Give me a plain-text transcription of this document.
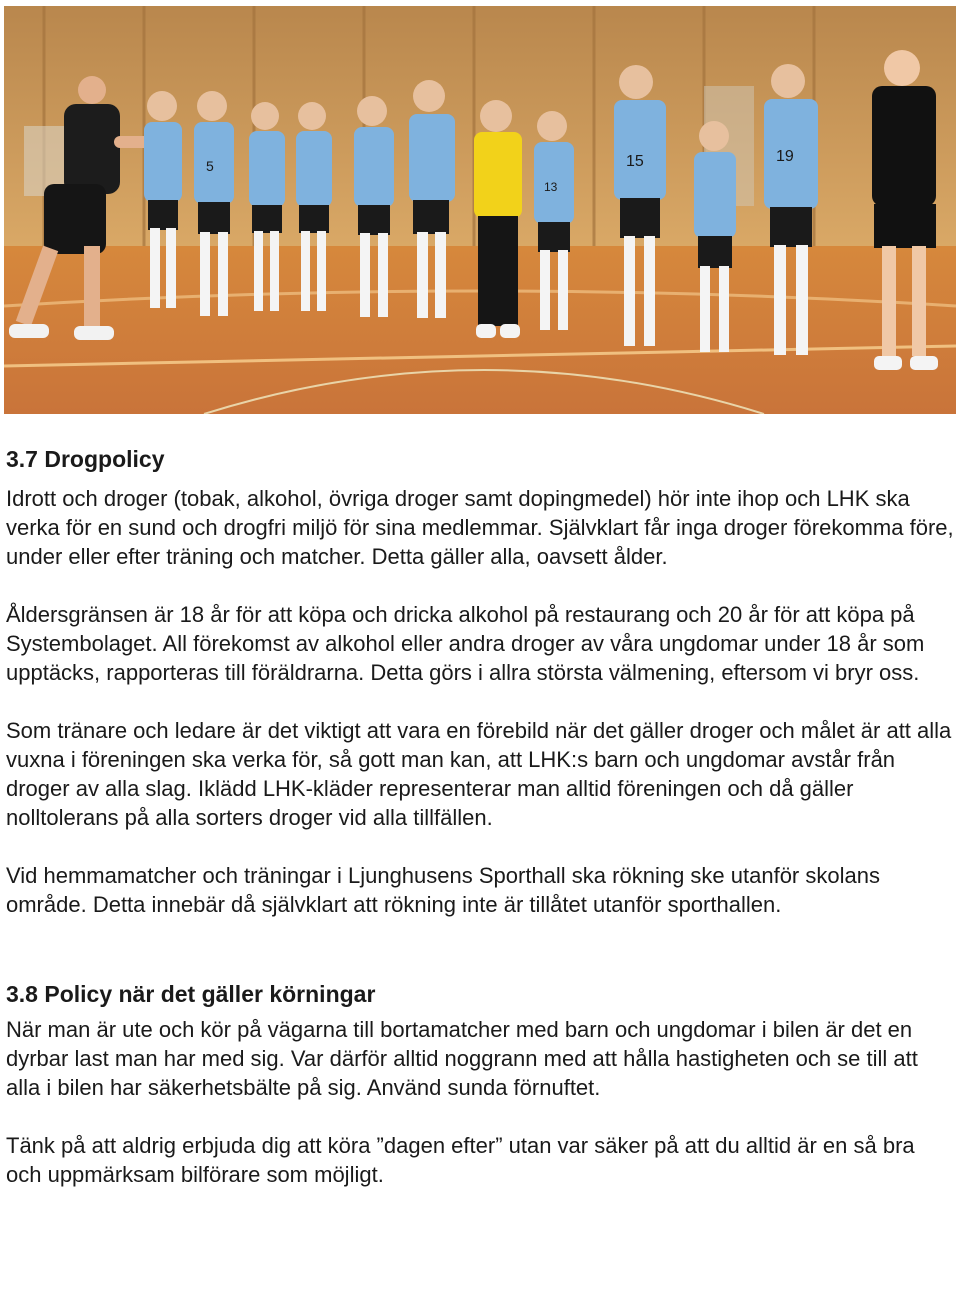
5
13
15	19
3.7 Drogpolicy

Idrott och droger (tobak, alkohol, övriga droger samt dopingmedel) hör inte ihop och LHK ska verka för en sund och drogfri miljö för sina medlemmar. Självklart får inga droger förekomma före, under eller efter träning och matcher. Detta gäller alla, oavsett ålder.

Åldersgränsen är 18 år för att köpa och dricka alkohol på restaurang och 20 år för att köpa på Systembolaget. All förekomst av alkohol eller andra droger av våra ungdomar under 18 år som upptäcks, rapporteras till föräldrarna. Detta görs i allra största välmening, eftersom vi bryr oss.

Som tränare och ledare är det viktigt att vara en förebild när det gäller droger och målet är att alla vuxna i föreningen ska verka för, så gott man kan, att LHK:s barn och ungdomar avstår från droger av alla slag. Iklädd LHK-kläder representerar man alltid föreningen och då gäller nolltolerans på alla sorters droger vid alla tillfällen.

Vid hemmamatcher och träningar i Ljunghusens Sporthall ska rökning ske utanför skolans område. Detta innebär då självklart att rökning inte är tillåtet utanför sporthallen.

3.8 Policy när det gäller körningar

När man är ute och kör på vägarna till bortamatcher med barn och ungdomar i bilen är det en dyrbar last man har med sig. Var därför alltid noggrann med att hålla hastigheten och se till att alla i bilen har säkerhetsbälte på sig. Använd sunda förnuftet.

Tänk på att aldrig erbjuda dig att köra ”dagen efter” utan var säker på att du alltid är en så bra och uppmärksam bilförare som möjligt.
